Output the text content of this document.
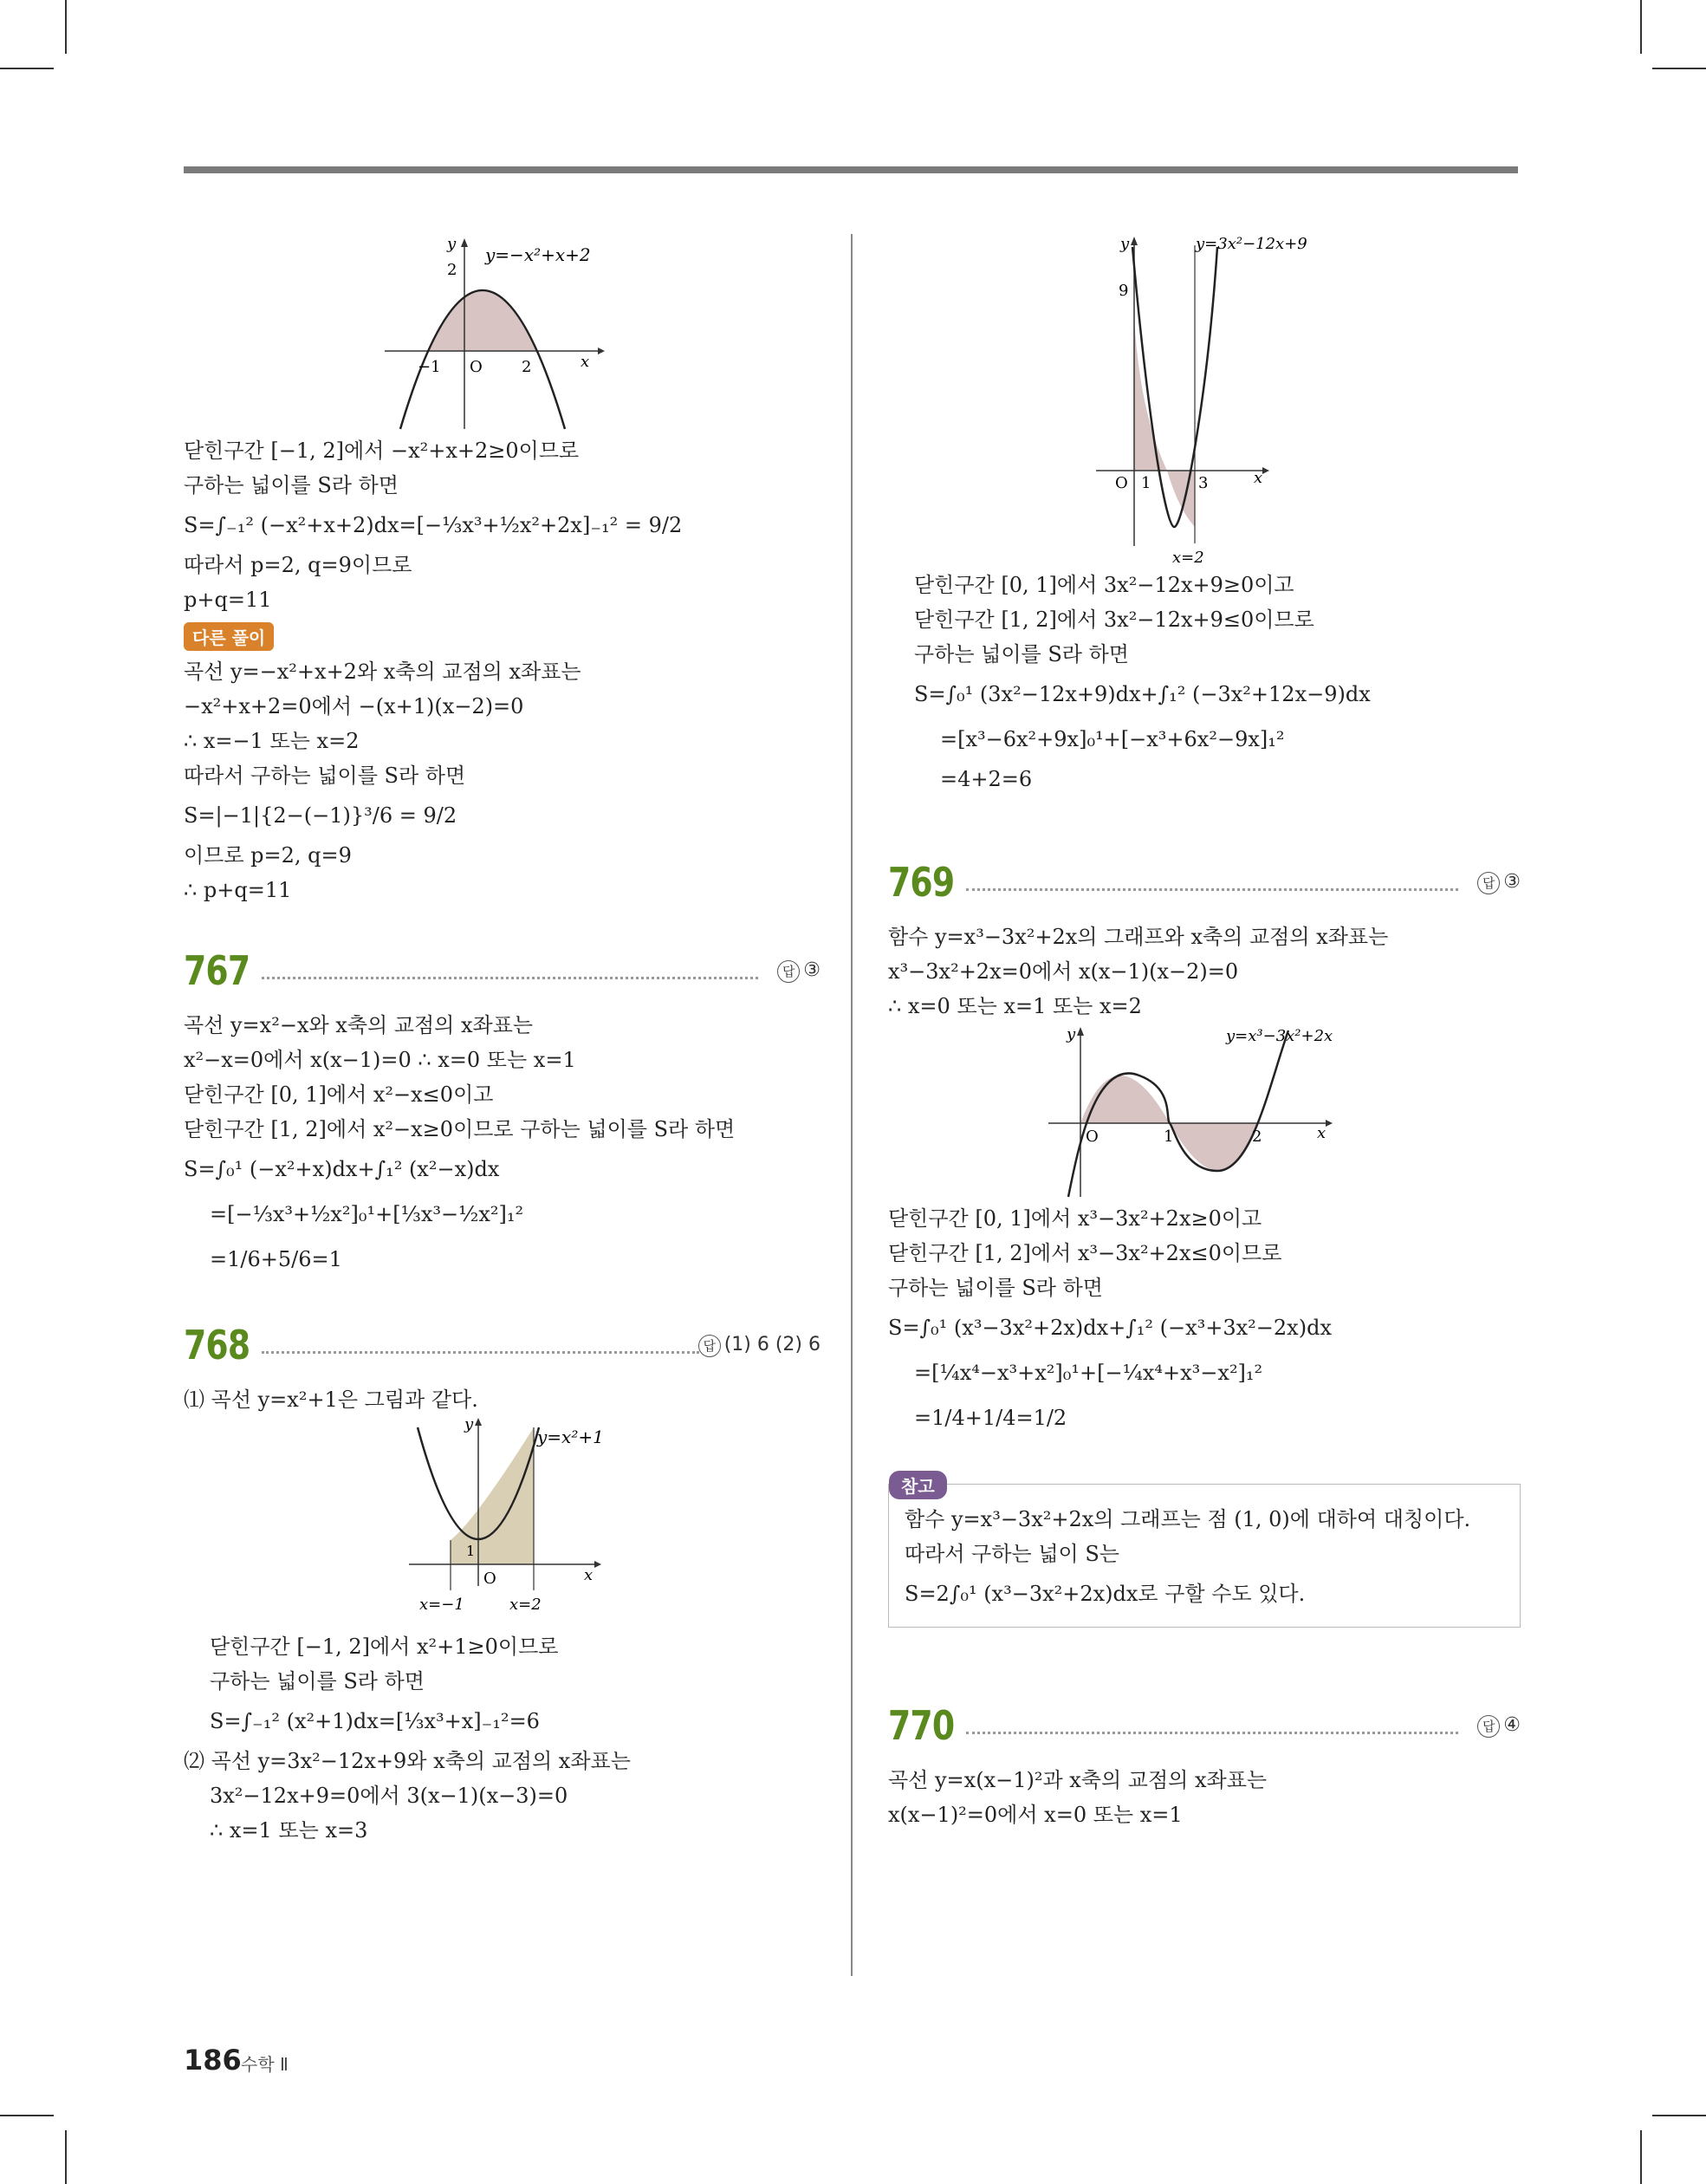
y=−x²+x+2
y
x
2
−1 O	2
닫힌구간 [−1, 2]에서 −x²+x+2≥0이므로
구하는 넓이를 S라 하면
S=∫₋₁² (−x²+x+2)dx=[−⅓x³+½x²+2x]₋₁² = 9/2
따라서 p=2, q=9이므로
p+q=11
다른 풀이
곡선 y=−x²+x+2와 x축의 교점의 x좌표는
−x²+x+2=0에서 −(x+1)(x−2)=0
∴ x=−1 또는 x=2
따라서 구하는 넓이를 S라 하면
S=|−1|{2−(−1)}³/6 = 9/2
이므로 p=2, q=9
∴ p+q=11
767	답 ③
곡선 y=x²−x와 x축의 교점의 x좌표는
x²−x=0에서 x(x−1)=0 ∴ x=0 또는 x=1
닫힌구간 [0, 1]에서 x²−x≤0이고
닫힌구간 [1, 2]에서 x²−x≥0이므로 구하는 넓이를 S라 하면
S=∫₀¹ (−x²+x)dx+∫₁² (x²−x)dx
=[−⅓x³+½x²]₀¹+[⅓x³−½x²]₁²
=1/6+5/6=1
768	답 (1) 6 (2) 6
⑴ 곡선 y=x²+1은 그림과 같다.
y=x²+1
y
x
1
O
x=−1	x=2
닫힌구간 [−1, 2]에서 x²+1≥0이므로
구하는 넓이를 S라 하면
S=∫₋₁² (x²+1)dx=[⅓x³+x]₋₁²=6
⑵ 곡선 y=3x²−12x+9와 x축의 교점의 x좌표는
3x²−12x+9=0에서 3(x−1)(x−3)=0
∴ x=1 또는 x=3
y=3x²−12x+9
y
x
9
O 1	3
x=2
닫힌구간 [0, 1]에서 3x²−12x+9≥0이고
닫힌구간 [1, 2]에서 3x²−12x+9≤0이므로
구하는 넓이를 S라 하면
S=∫₀¹ (3x²−12x+9)dx+∫₁² (−3x²+12x−9)dx
=[x³−6x²+9x]₀¹+[−x³+6x²−9x]₁²
=4+2=6
769	답 ③
함수 y=x³−3x²+2x의 그래프와 x축의 교점의 x좌표는
x³−3x²+2x=0에서 x(x−1)(x−2)=0
∴ x=0 또는 x=1 또는 x=2
y=x³−3x²+2x
y
x
O	1	2
닫힌구간 [0, 1]에서 x³−3x²+2x≥0이고
닫힌구간 [1, 2]에서 x³−3x²+2x≤0이므로
구하는 넓이를 S라 하면
S=∫₀¹ (x³−3x²+2x)dx+∫₁² (−x³+3x²−2x)dx
=[¼x⁴−x³+x²]₀¹+[−¼x⁴+x³−x²]₁²
=1/4+1/4=1/2
참고
함수 y=x³−3x²+2x의 그래프는 점 (1, 0)에 대하여 대칭이다.
따라서 구하는 넓이 S는
S=2∫₀¹ (x³−3x²+2x)dx로 구할 수도 있다.
770	답 ④
곡선 y=x(x−1)²과 x축의 교점의 x좌표는
x(x−1)²=0에서 x=0 또는 x=1
186 수학 Ⅱ
